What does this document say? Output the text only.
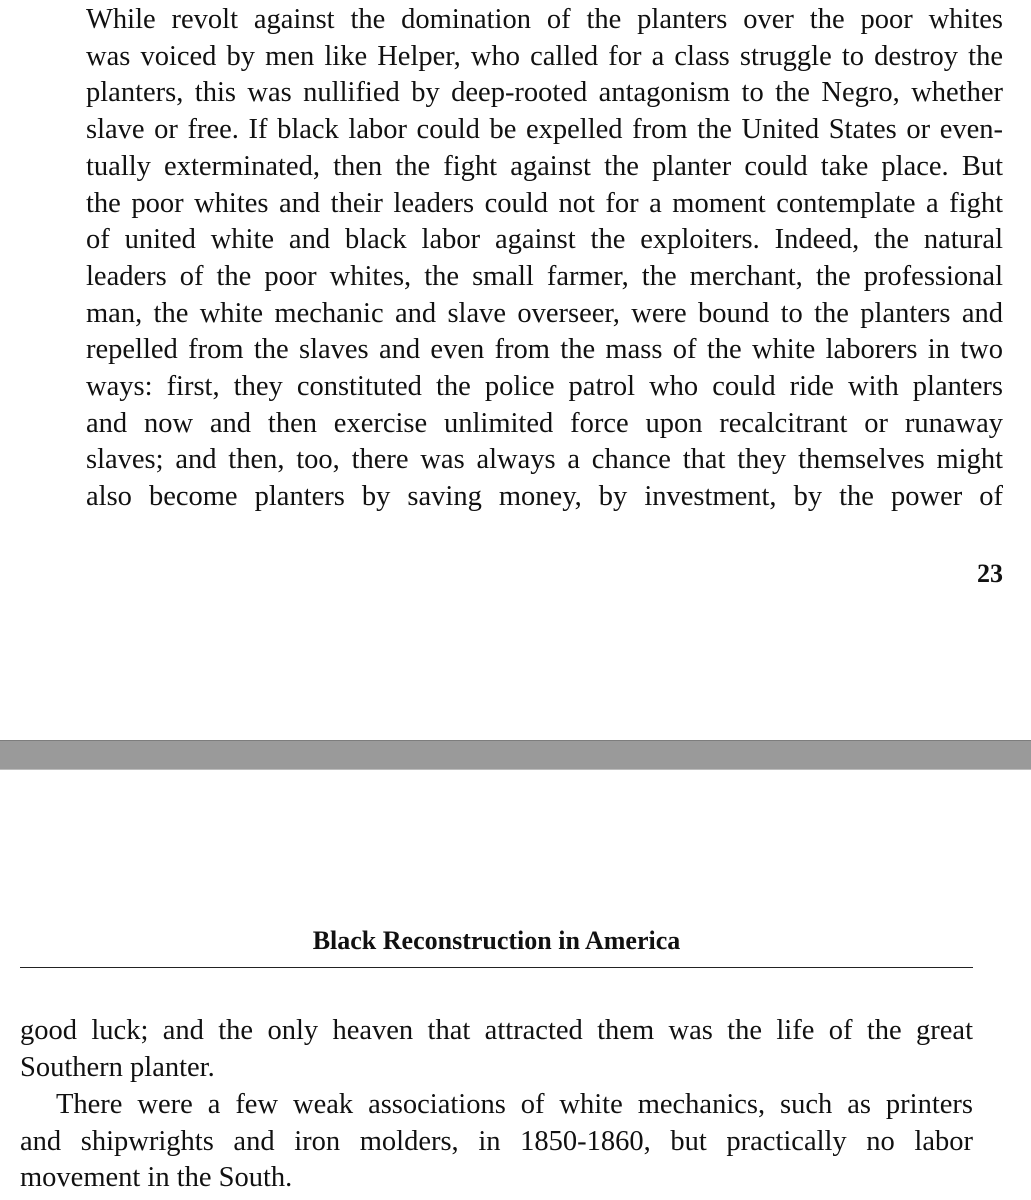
While revolt against the domination of the planters over the poor whites
was voiced by men like Helper, who called for a class struggle to destroy the
planters, this was nullified by deep-rooted antagonism to the Negro, whether
slave or free. If black labor could be expelled from the United States or even-
tually exterminated, then the fight against the planter could take place. But
the poor whites and their leaders could not for a moment contemplate a fight
of united white and black labor against the exploiters. Indeed, the natural
leaders of the poor whites, the small farmer, the merchant, the professional
man, the white mechanic and slave overseer, were bound to the planters and
repelled from the slaves and even from the mass of the white laborers in two
ways: first, they constituted the police patrol who could ride with planters
and now and then exercise unlimited force upon recalcitrant or runaway
slaves; and then, too, there was always a chance that they themselves might
also become planters by saving money, by investment, by the power of

23
Black Reconstruction in America

good luck; and the only heaven that attracted them was the life of the great
Southern planter.

There were a few weak associations of white mechanics, such as printers
and shipwrights and iron molders, in 1850-1860, but practically no labor
movement in the South.
